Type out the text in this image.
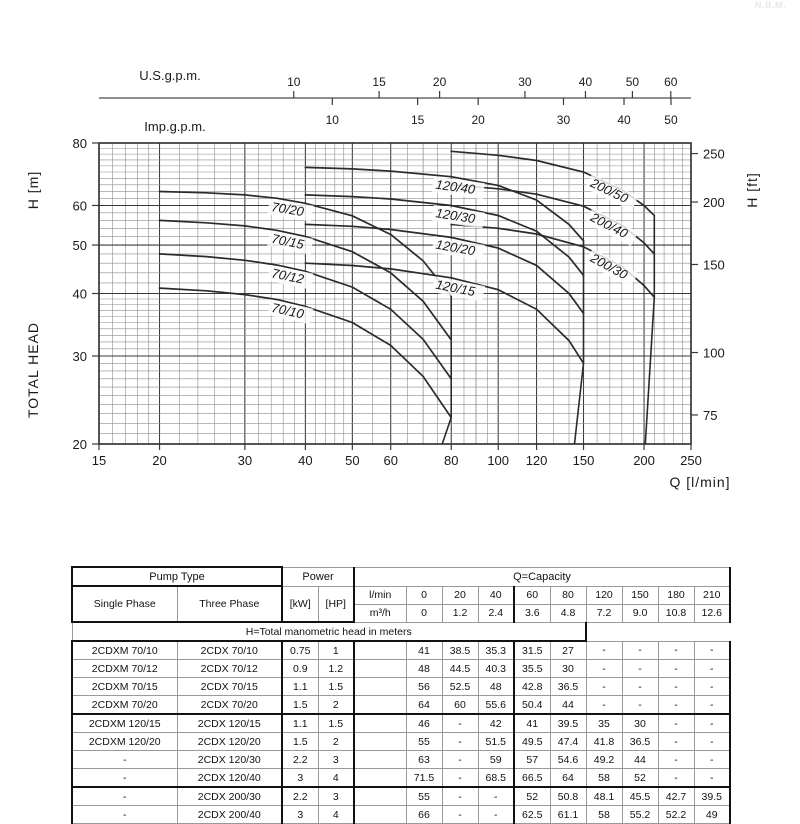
N.B.M.
20
30
40
50
60
80
75
100
150
200
250
15	20	30	40 50 60	80 100 120 150	200 250
H [m]
TOTAL HEAD
H [ft]
Q [l/min]
U.S.g.p.m.	10	15	20	30	40	50 60
Imp.g.p.m.	10	15	20	30	40	50
70/20
70/15
70/12
70/10
120/40
120/30
120/20
120/15
200/50
200/40
200/30
Pump Type		Power		Q=Capacity									
Single Phase	Three Phase	[kW]	[HP]	l/min	0	20	40	60	80	120	150	180	210
				m³/h	0	1.2	2.4	3.6	4.8	7.2	9.0	10.8	12.6
H=Total manometric head in meters													
2CDXM 70/10	2CDX 70/10	0.75	1		41	38.5	35.3	31.5	27	-	-	-	-
2CDXM 70/12	2CDX 70/12	0.9	1.2		48	44.5	40.3	35.5	30	-	-	-	-
2CDXM 70/15	2CDX 70/15	1.1	1.5		56	52.5	48	42.8	36.5	-	-	-	-
2CDXM 70/20	2CDX 70/20	1.5	2		64	60	55.6	50.4	44	-	-	-	-
2CDXM 120/15	2CDX 120/15	1.1	1.5		46	-	42	41	39.5	35	30	-	-
2CDXM 120/20	2CDX 120/20	1.5	2		55	-	51.5	49.5	47.4	41.8	36.5	-	-
-	2CDX 120/30	2.2	3		63	-	59	57	54.6	49.2	44	-	-
-	2CDX 120/40	3	4		71.5	-	68.5	66.5	64	58	52	-	-
-	2CDX 200/30	2.2	3		55	-	-	52	50.8	48.1	45.5	42.7	39.5
-	2CDX 200/40	3	4		66	-	-	62.5	61.1	58	55.2	52.2	49
